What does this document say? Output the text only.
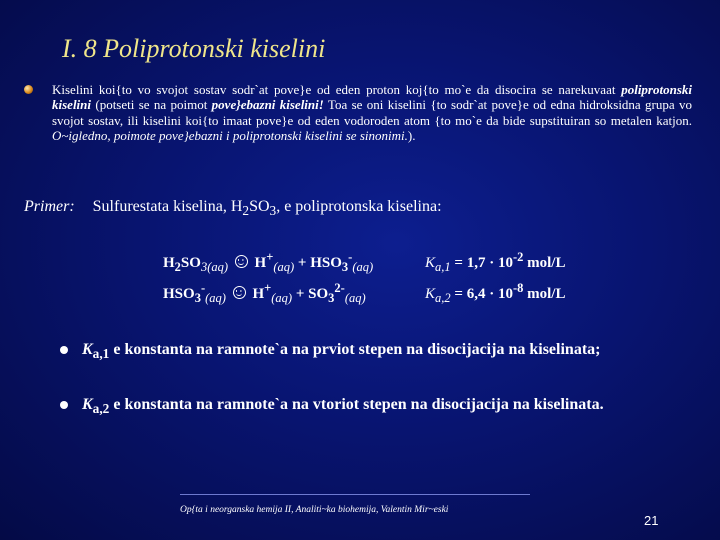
I. 8 Poliprotonski kiselini
Kiselini koi{to vo svojot sostav sodr`at pove}e od eden proton koj{to mo`e da disocira se narekuvaat poliprotonski kiselini (potseti se na poimot pove}ebazni kiselini! Toa se oni kiselini {to sodr`at pove}e od edna hidroksidna grupa vo svojot sostav, ili kiselini koi{to imaat pove}e od eden vodoroden atom {to mo`e da bide supstituiran so metalen katjon. O~igledno, poimote pove}ebazni i poliprotonski kiselini se sinonimi.).
Primer: Sulfurestata kiselina, $H_2SO_3$, e poliprotonska kiselina:
$H_2SO_{3(aq)}$ $H^+_{(aq)} + HSO_3^-_{(aq)}$	$K_{a,1} = 1,7 \cdot 10^{-2}$ mol/L
$HSO_3^-_{(aq)}$ $H^+_{(aq)} + SO_3^{2-}_{(aq)}$	$K_{a,2} = 6,4 \cdot 10^{-8}$ mol/L
$K_{a,1}$ e konstanta na ramnote`a na prviot stepen na disocijacija na kiselinata;
$K_{a,2}$ e konstanta na ramnote`a na vtoriot stepen na disocijacija na kiselinata.
Op{ta i neorganska hemija II, Analiti~ka biohemija, Valentin Mir~eski
21
